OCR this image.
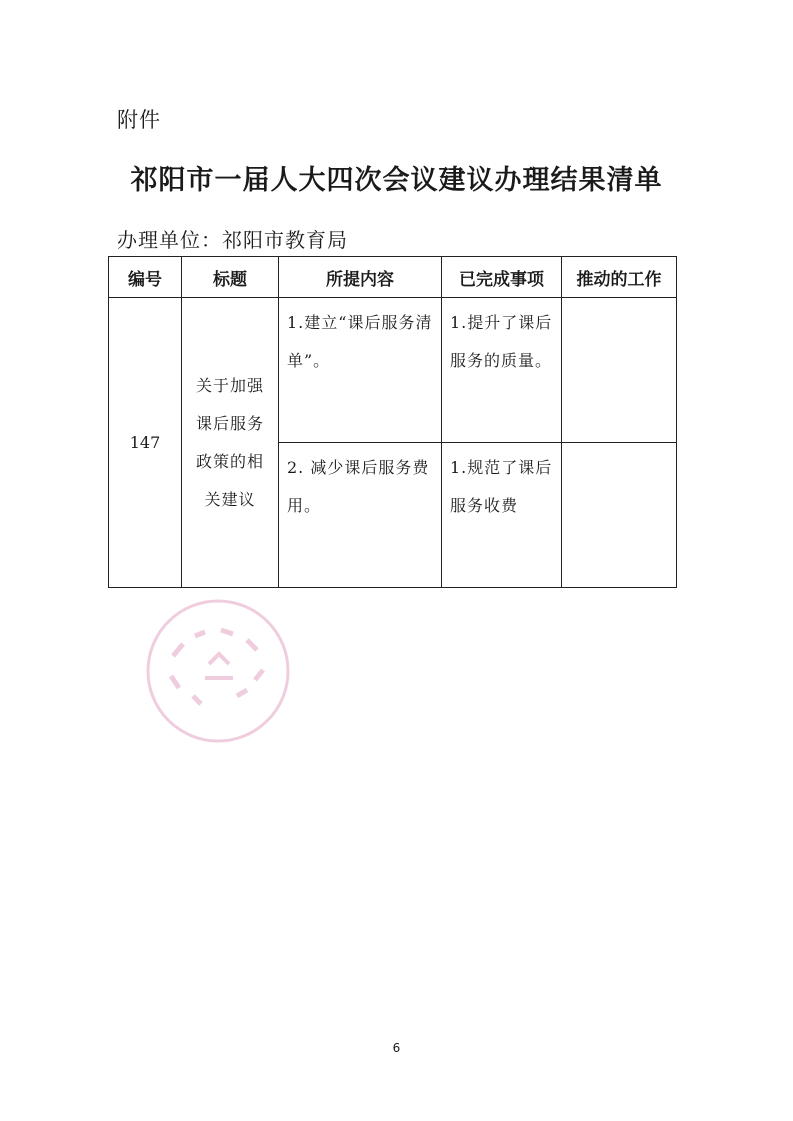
附件
祁阳市一届人大四次会议建议办理结果清单
办理单位：祁阳市教育局
编号	标题	所提内容	已完成事项	推动的工作
147	关于加强课后服务政策的相关建议	1.建立“课后服务清单”。	1.提升了课后服务的质量。	

		2. 减少课后服务费用。	1.规范了课后服务收费	

6
